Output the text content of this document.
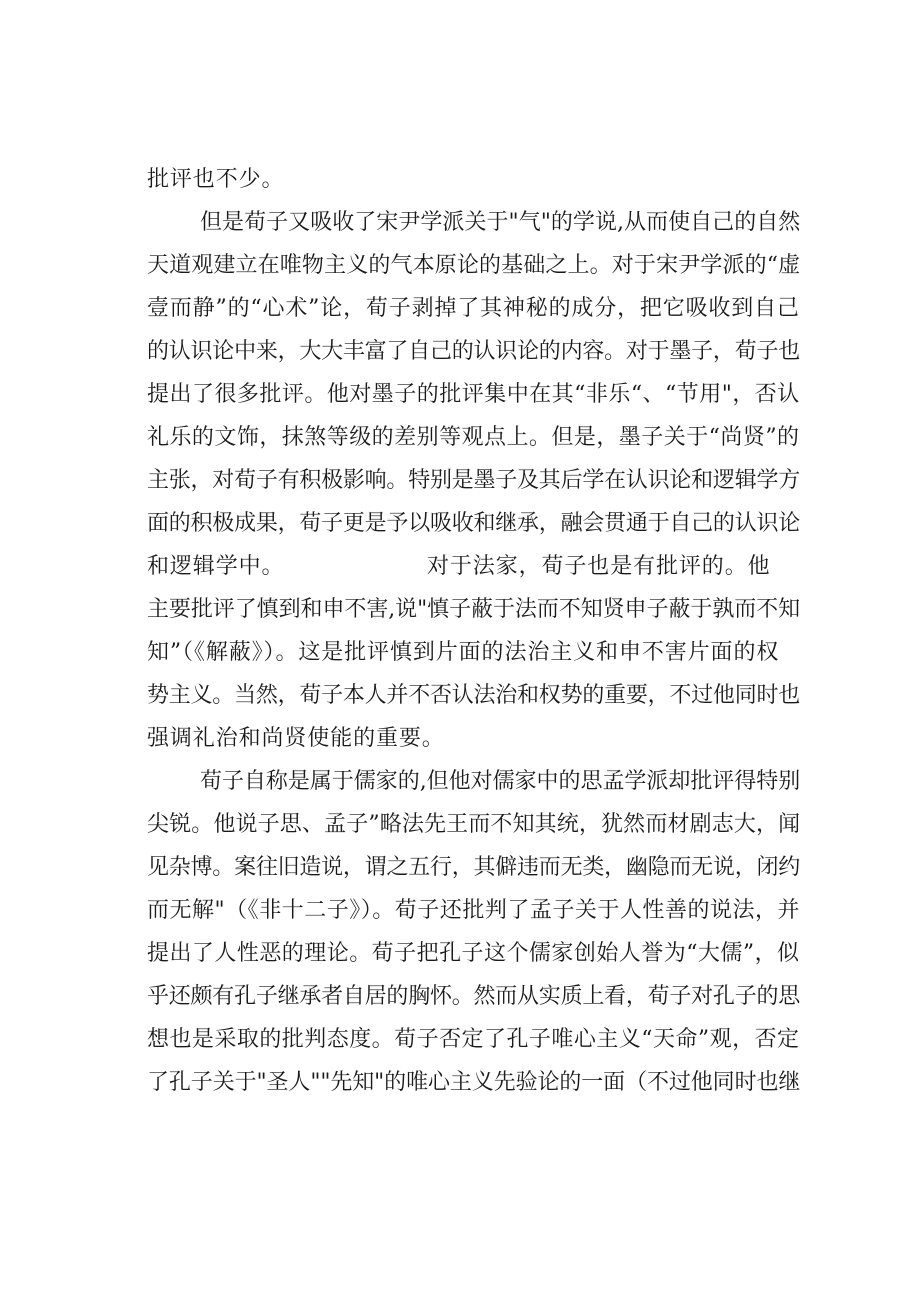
批评也不少。
但是荀子又吸收了宋尹学派关于"气"的学说,从而使自己的自然
天道观建立在唯物主义的气本原论的基础之上。对于宋尹学派的“虚
壹而静”的“心术”论，荀子剥掉了其神秘的成分，把它吸收到自己
的认识论中来，大大丰富了自己的认识论的内容。对于墨子，荀子也
提出了很多批评。他对墨子的批评集中在其“非乐“、“节用"，否认
礼乐的文饰，抹煞等级的差别等观点上。但是，墨子关于“尚贤”的
主张，对荀子有积极影响。特别是墨子及其后学在认识论和逻辑学方
面的积极成果，荀子更是予以吸收和继承，融会贯通于自己的认识论
和逻辑学中。	对于法家，荀子也是有批评的。他
主要批评了慎到和申不害,说"慎子蔽于法而不知贤申子蔽于孰而不知
知”（《解蔽》）。这是批评慎到片面的法治主义和申不害片面的权
势主义。当然，荀子本人并不否认法治和权势的重要，不过他同时也
强调礼治和尚贤使能的重要。
荀子自称是属于儒家的,但他对儒家中的思孟学派却批评得特别
尖锐。他说子思、孟子”略法先王而不知其统，犹然而材剧志大，闻
见杂博。案往旧造说，谓之五行，其僻违而无类，幽隐而无说，闭约
而无解"（《非十二子》）。荀子还批判了孟子关于人性善的说法，并
提出了人性恶的理论。荀子把孔子这个儒家创始人誉为“大儒”，似
乎还颇有孔子继承者自居的胸怀。然而从实质上看，荀子对孔子的思
想也是采取的批判态度。荀子否定了孔子唯心主义“天命”观，否定
了孔子关于"圣人""先知"的唯心主义先验论的一面（不过他同时也继
